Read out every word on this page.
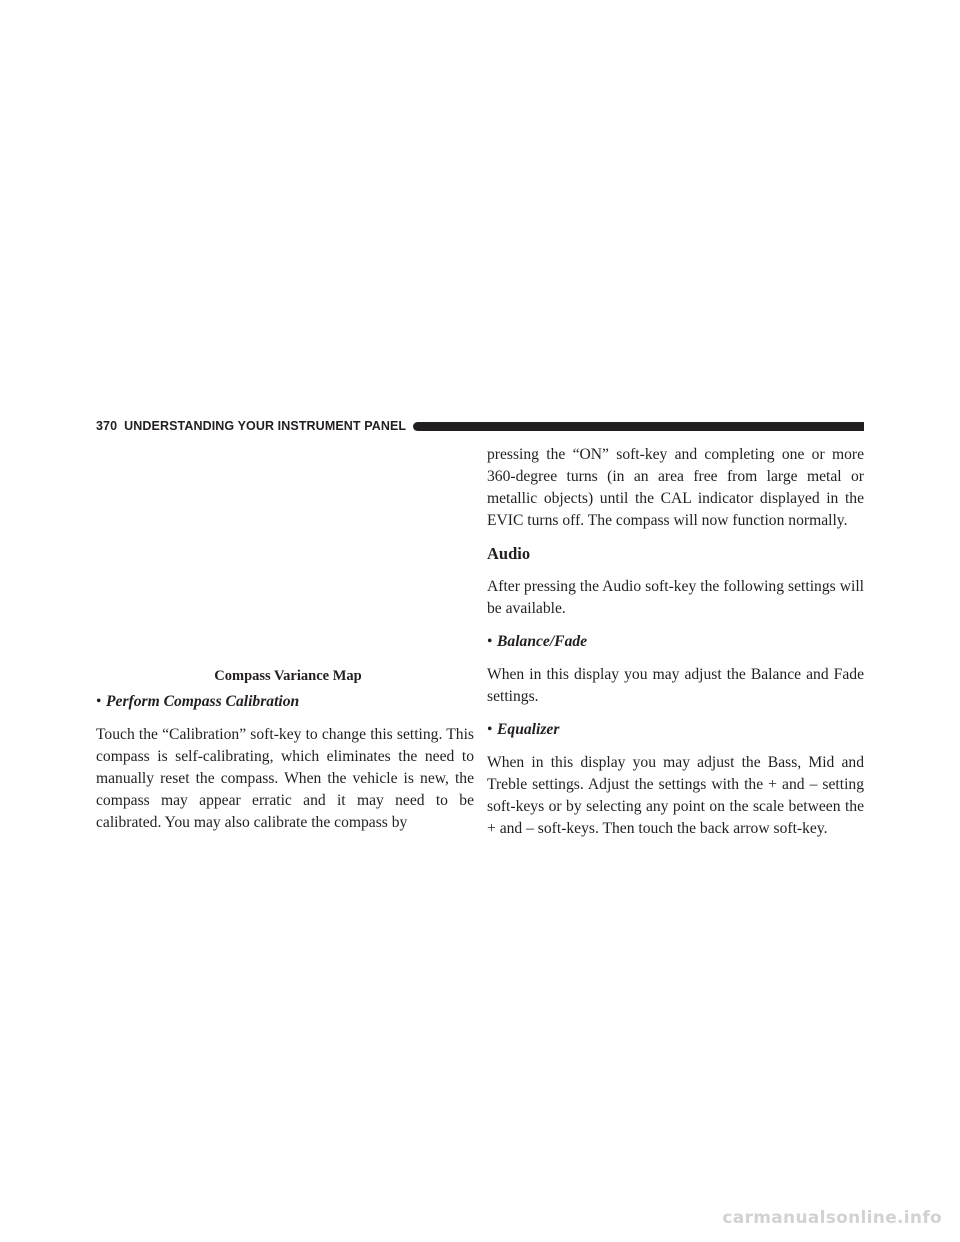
370 UNDERSTANDING YOUR INSTRUMENT PANEL

Compass Variance Map

• Perform Compass Calibration

Touch the “Calibration” soft-key to change this setting. This compass is self-calibrating, which eliminates the need to manually reset the compass. When the vehicle is new, the compass may appear erratic and it may need to be calibrated. You may also calibrate the compass by

pressing the “ON” soft-key and completing one or more 360-degree turns (in an area free from large metal or metallic objects) until the CAL indicator displayed in the EVIC turns off. The compass will now function normally.

Audio

After pressing the Audio soft-key the following settings will be available.

• Balance/Fade

When in this display you may adjust the Balance and Fade settings.

• Equalizer

When in this display you may adjust the Bass, Mid and Treble settings. Adjust the settings with the + and – setting soft-keys or by selecting any point on the scale between the + and – soft-keys. Then touch the back arrow soft-key.

carmanualsonline.info
